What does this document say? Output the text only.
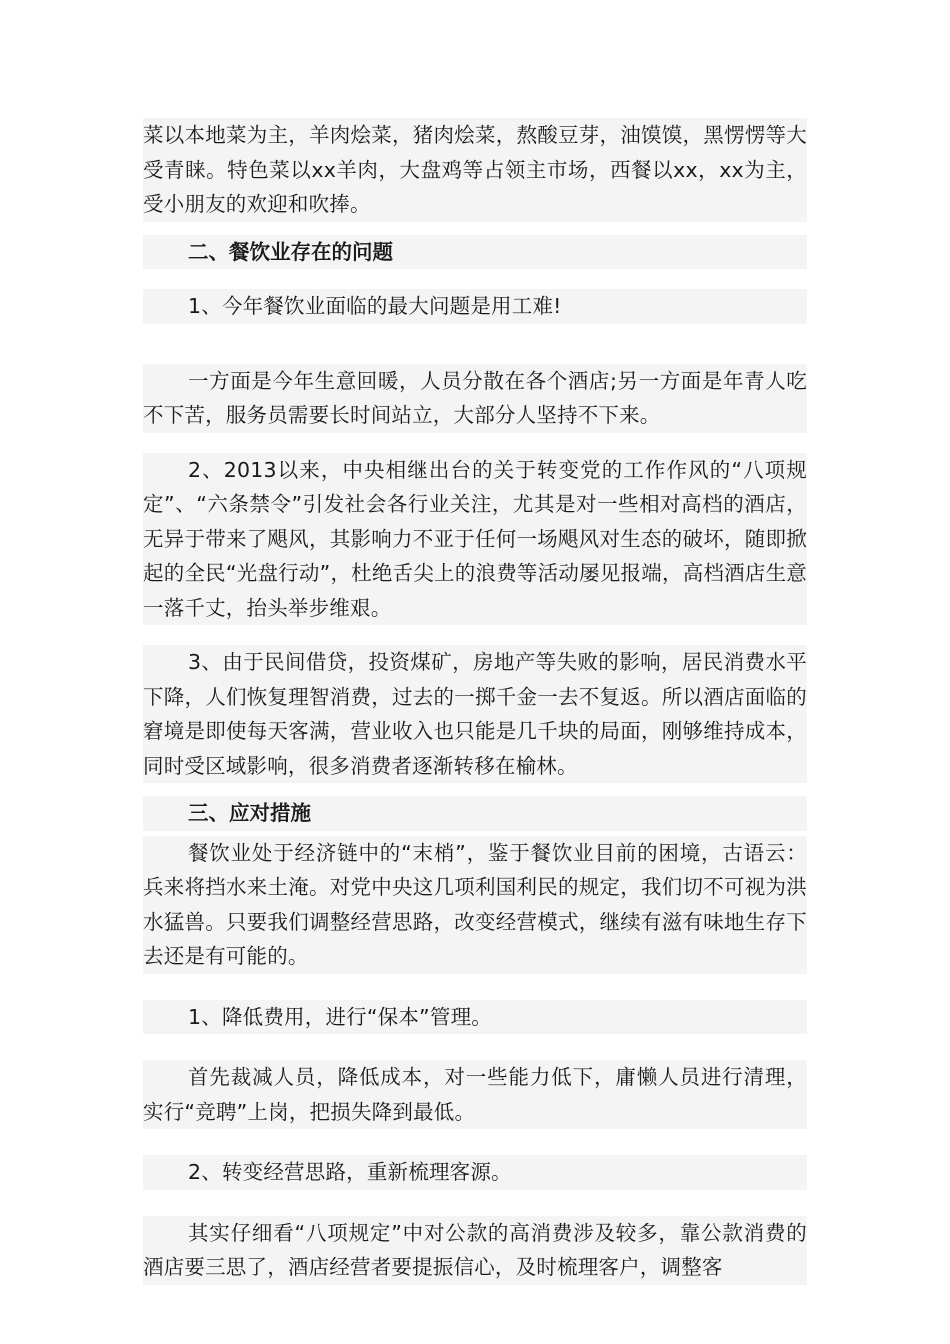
菜以本地菜为主，羊肉烩菜，猪肉烩菜，熬酸豆芽，油馍馍，黑愣愣等大受青睐。特色菜以xx羊肉，大盘鸡等占领主市场，西餐以xx，xx为主，受小朋友的欢迎和吹捧。

二、餐饮业存在的问题

1、今年餐饮业面临的最大问题是用工难!

一方面是今年生意回暖，人员分散在各个酒店;另一方面是年青人吃不下苦，服务员需要长时间站立，大部分人坚持不下来。

2、2013以来，中央相继出台的关于转变党的工作作风的“八项规定”、“六条禁令”引发社会各行业关注，尤其是对一些相对高档的酒店，无异于带来了飓风，其影响力不亚于任何一场飓风对生态的破坏，随即掀起的全民“光盘行动”，杜绝舌尖上的浪费等活动屡见报端，高档酒店生意一落千丈，抬头举步维艰。

3、由于民间借贷，投资煤矿，房地产等失败的影响，居民消费水平下降，人们恢复理智消费，过去的一掷千金一去不复返。所以酒店面临的窘境是即使每天客满，营业收入也只能是几千块的局面，刚够维持成本，同时受区域影响，很多消费者逐渐转移在榆林。

三、应对措施

餐饮业处于经济链中的“末梢”，鉴于餐饮业目前的困境，古语云：兵来将挡水来土淹。对党中央这几项利国利民的规定，我们切不可视为洪水猛兽。只要我们调整经营思路，改变经营模式，继续有滋有味地生存下去还是有可能的。

1、降低费用，进行“保本”管理。

首先裁减人员，降低成本，对一些能力低下，庸懒人员进行清理，实行“竞聘”上岗，把损失降到最低。

2、转变经营思路，重新梳理客源。

其实仔细看“八项规定”中对公款的高消费涉及较多，靠公款消费的酒店要三思了，酒店经营者要提振信心，及时梳理客户，调整客
